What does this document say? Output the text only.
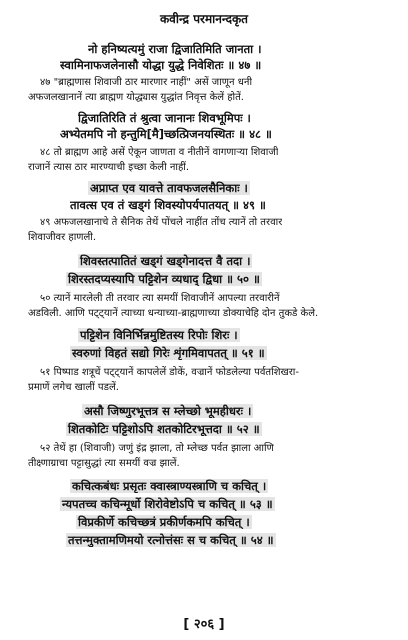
कवीन्द्र परमानन्दकृत
नो हनिष्यत्यमुं राजा द्विजातिमिति जानता ।
स्वामिनाफजलेनासौ योद्धा युद्धे निवेशितः ॥ ४७ ॥
४७ "ब्राह्मणास शिवाजी ठार मारणार नाहीं" असें जाणून धनी
अफजलखानानें त्या ब्राह्मण योद्ध्यास युद्धांत निवृत्त केलें होतें.
द्विजातिरिति तं श्रुत्वा जानानः शिवभूमिपः ।
अभ्येतमपि नो हन्तुमि[मै]च्छत्प्रिजनयस्थितः ॥ ४८ ॥
४८ तो ब्राह्मण आहे असें ऐकून जाणता व नीतीनें वागणाऱ्या शिवाजी
राजानें त्यास ठार मारण्याची इच्छा केली नाहीं.
अप्राप्त एव यावत्ते तावफजलसैनिकाः ।
तावत्स एव तं खड्गं शिवस्योपर्यपातयत् ॥ ४९ ॥
४९ अफजलखानाचे ते सैनिक तेथें पोंचले नाहींत तोंच त्यानें तो तरवार
शिवाजीवर हाणली.
शिवस्तत्पातितं खड्गं खड्गेनादत्त वै तदा ।
शिरस्तदप्यस्यापि पट्टिशेन व्यधाद् द्विधा ॥ ५० ॥
५० त्यानें मारलेली ती तरवार त्या समयीं शिवाजीनें आपल्या तरवारीनें
अडविली. आणि पट्ट्यानें त्याच्या धन्याच्या-ब्राह्मणाच्या डोक्याचेहि दोन तुकडे केले.
पट्टिशेन विनिर्भिन्नमुष्टितस्य रिपोः शिरः ।
स्वरुणां विहतं सद्यो गिरेः शृंगमिवापतत् ॥ ५१ ॥
५१ पिष्पाड शत्रूचें पट्ट्यानें कापलेलें डोकें, वज्रानें फोडलेल्या पर्वतशिखरा-
प्रमाणें लगेच खालीं पडलें.
असौ जिष्णुरभूत्तत्र स म्लेच्छो भूमहीधरः ।
शितकोटिः पट्टिशोऽपि शतकोटिरभूत्तदा ॥ ५२ ॥
५२ तेथें हा (शिवाजी) जणुं इंद्र झाला, तो म्लेच्छ पर्वत झाला आणि
तीक्ष्णाग्राचा पट्टासुद्धां त्या समयीं वज्र झालें.
कचित्कबंधः प्रसृतः क्वास्त्राण्यस्त्राणि च कचित् ।
न्यपतच्च कचिन्मूर्धो शिरोवेष्टोऽपि च कचित् ॥ ५३ ॥
विप्रकीर्णे कचिच्छत्रं प्रकीर्णकमपि कचित् ।
तत्तन्मुक्तामणिमयो रत्नोत्तंसः स च कचित् ॥ ५४ ॥
[ २०६ ]
